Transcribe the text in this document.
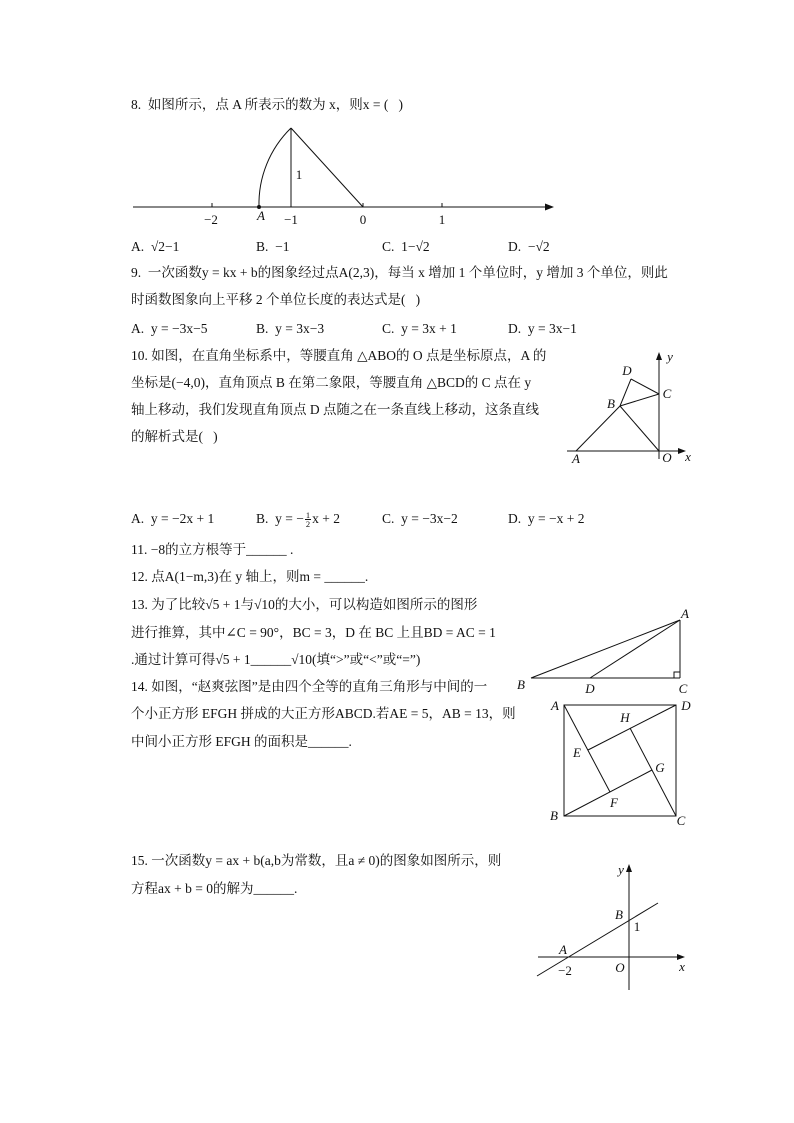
8.  如图所示，点 A 所表示的数为 x，则x = (   )
A.  √2−1	B.  −1	C.  1−√2	D.  −√2
9.  一次函数y = kx + b的图象经过点A(2,3)，每当 x 增加 1 个单位时，y 增加 3 个单位，则此
时函数图象向上平移 2 个单位长度的表达式是(   )
A.  y = −3x−5	B.  y = 3x−3	C.  y = 3x + 1	D.  y = 3x−1
10. 如图，在直角坐标系中，等腰直角 △ABO的 O 点是坐标原点，A 的
坐标是(−4,0)，直角顶点 B 在第二象限，等腰直角 △BCD的 C 点在 y
轴上移动，我们发现直角顶点 D 点随之在一条直线上移动，这条直线
的解析式是(   )
A.  y = −2x + 1	B.  y = − $\frac{1}{2}$ x + 2	C.  y = −3x−2	D.  y = −x + 2
11. −8的立方根等于______ .
12. 点A(1−m,3)在 y 轴上，则m = ______.
13. 为了比较√5 + 1与√10的大小，可以构造如图所示的图形
进行推算，其中∠C = 90°，BC = 3，D 在 BC 上且BD = AC = 1
.通过计算可得√5 + 1______√10(填“>”或“<”或“=”)
14. 如图，“赵爽弦图”是由四个全等的直角三角形与中间的一
个小正方形 EFGH 拼成的大正方形ABCD.若AE = 5，AB = 13，则
中间小正方形 EFGH 的面积是______.
15. 一次函数y = ax + b(a,b为常数，且a ≠ 0)的图象如图所示，则
方程ax + b = 0的解为______.
−2	A −1	0	1
1
D
y
C
B
A	O x
A
B	D	C
A	D
H
E
G
F
B	C
y
B
1
A
−2	O	x
